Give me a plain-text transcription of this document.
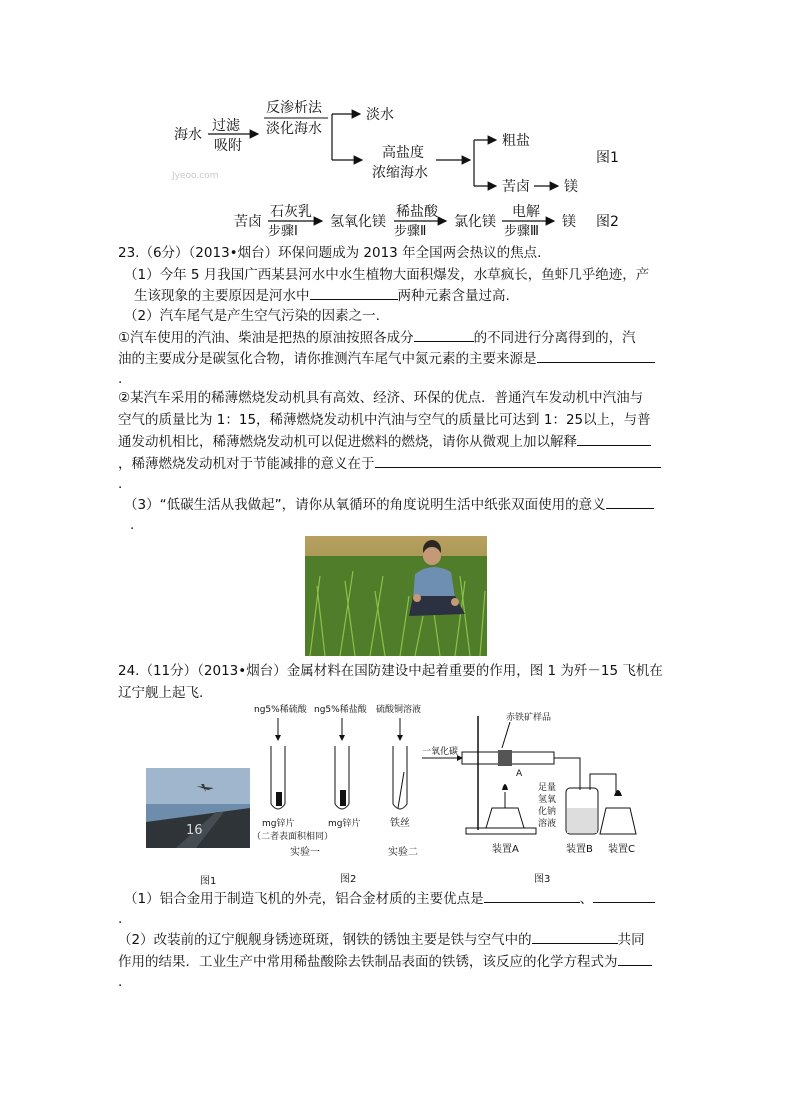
海水
过滤
吸附
反渗析法
淡化海水
淡水
高盐度
浓缩海水
粗盐
苦卤 镁
图1
Jyeoo.com
苦卤
石灰乳
步骤Ⅰ
氢氧化镁
稀盐酸
步骤Ⅱ
氯化镁
电解
步骤Ⅲ
镁 图2
23.（6分）（2013•烟台）环保问题成为 2013 年全国两会热议的焦点.
（1）今年 5 月我国广西某县河水中水生植物大面积爆发，水草疯长，鱼虾几乎绝迹，产
生该现象的主要原因是河水中	两种元素含量过高.
（2）汽车尾气是产生空气污染的因素之一.
①汽车使用的汽油、柴油是把热的原油按照各成分	的不同进行分离得到的，汽
油的主要成分是碳氢化合物，请你推测汽车尾气中氮元素的主要来源是
.
②某汽车采用的稀薄燃烧发动机具有高效、经济、环保的优点．普通汽车发动机中汽油与
空气的质量比为 1：15，稀薄燃烧发动机中汽油与空气的质量比可达到 1：25以上，与普
通发动机相比，稀薄燃烧发动机可以促进燃料的燃烧，请你从微观上加以解释
，稀薄燃烧发动机对于节能减排的意义在于
.
（3）“低碳生活从我做起”，请你从氧循环的角度说明生活中纸张双面使用的意义
.
24.（11分）（2013•烟台）金属材料在国防建设中起着重要的作用，图 1 为歼－15 飞机在
辽宁舰上起飞.
16
ng5%稀硫酸 ng5%稀盐酸 硫酸铜溶液
mg锌片	mg锌片	铁丝
（二者表面积相同）
实验一	实验二
图2
一氧化碳
赤铁矿样品
A
足量
氢氧
化钠
溶液
装置A	装置B 装置C
图3
图1
（1）铝合金用于制造飞机的外壳，铝合金材质的主要优点是	、
.
（2）改装前的辽宁舰舰身锈迹斑斑，钢铁的锈蚀主要是铁与空气中的	共同
作用的结果．工业生产中常用稀盐酸除去铁制品表面的铁锈，该反应的化学方程式为
.
